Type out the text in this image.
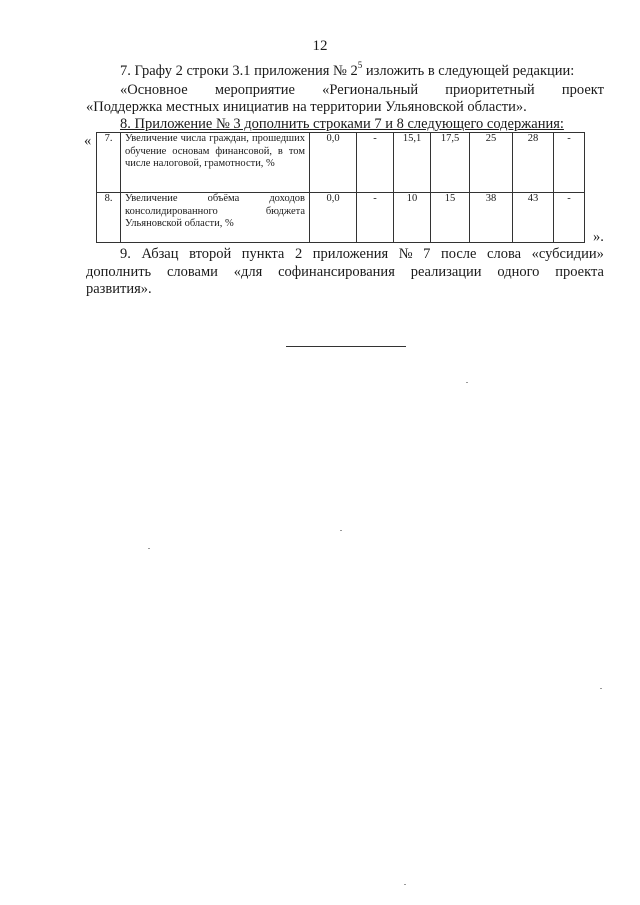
12
7. Графу 2 строки 3.1 приложения № $2^5$ изложить в следующей редакции:
«Основное мероприятие «Региональный приоритетный проект
«Поддержка местных инициатив на территории Ульяновской области».
8. Приложение № 3 дополнить строками 7 и 8 следующего содержания:
« 7.	Увеличение числа граждан, прошедших обучение основам финансовой, в том числе налоговой, грамотности, %	0,0	-	15,1	17,5	25	28	-
8.	Увеличение объёма доходов консолидированного бюджета Ульяновской области, %	0,0	-	10	15	38	43	-
».
9. Абзац второй пункта 2 приложения № 7 после слова «субсидии»
дополнить словами «для софинансирования реализации одного проекта
развития».
